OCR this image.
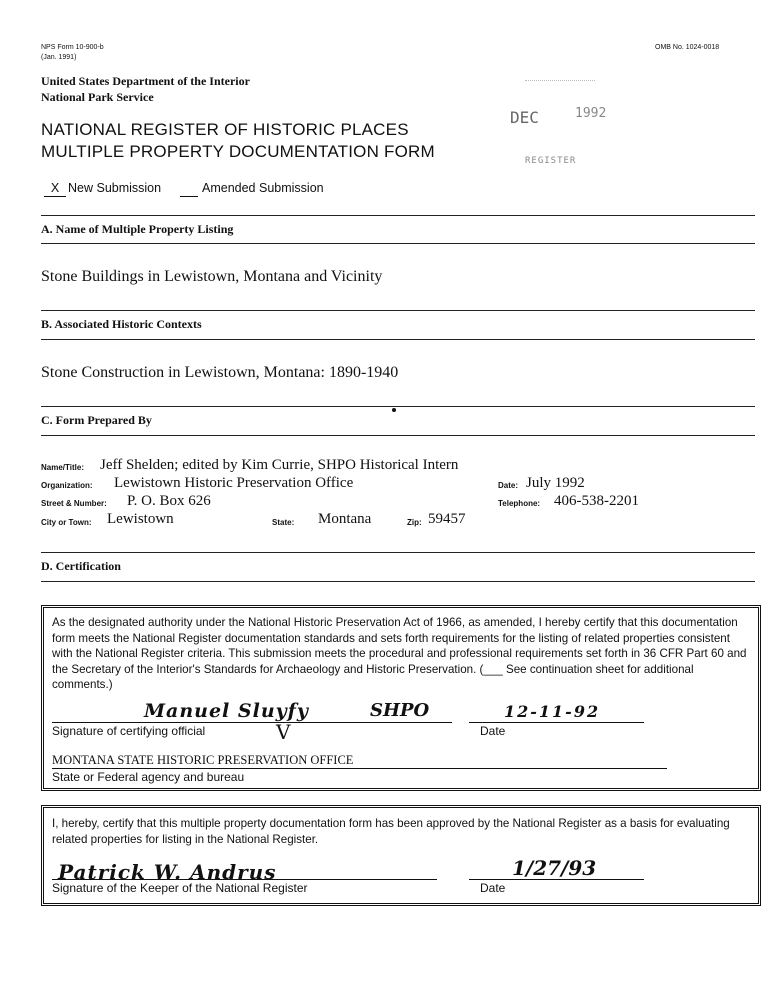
NPS Form 10-900-b
(Jan. 1991)
OMB No. 1024-0018
United States Department of the Interior
National Park Service
NATIONAL REGISTER OF HISTORIC PLACES
MULTIPLE PROPERTY DOCUMENTATION FORM
DEC	1992
REGISTER
X New Submission	Amended Submission
A. Name of Multiple Property Listing
Stone Buildings in Lewistown, Montana and Vicinity
B. Associated Historic Contexts
Stone Construction in Lewistown, Montana: 1890-1940
C. Form Prepared By
Name/Title: Jeff Shelden; edited by Kim Currie, SHPO Historical Intern
Organization: Lewistown Historic Preservation Office	Date: July 1992
Street & Number: P. O. Box 626	Telephone: 406-538-2201
City or Town: Lewistown	State: Montana	Zip: 59457
D. Certification
As the designated authority under the National Historic Preservation Act of 1966, as amended, I hereby certify that this documentation form meets the National Register documentation standards and sets forth requirements for the listing of related properties consistent with the National Register criteria. This submission meets the procedural and professional requirements set forth in 36 CFR Part 60 and the Secretary of the Interior's Standards for Archaeology and Historic Preservation. (___ See continuation sheet for additional comments.)
Manuel Sluyfy
V
SHPO	12-11-92
Signature of certifying official	Date
MONTANA STATE HISTORIC PRESERVATION OFFICE
State or Federal agency and bureau
I, hereby, certify that this multiple property documentation form has been approved by the National Register as a basis for evaluating related properties for listing in the National Register.
Patrick W. Andrus	1/27/93
Signature of the Keeper of the National Register	Date
